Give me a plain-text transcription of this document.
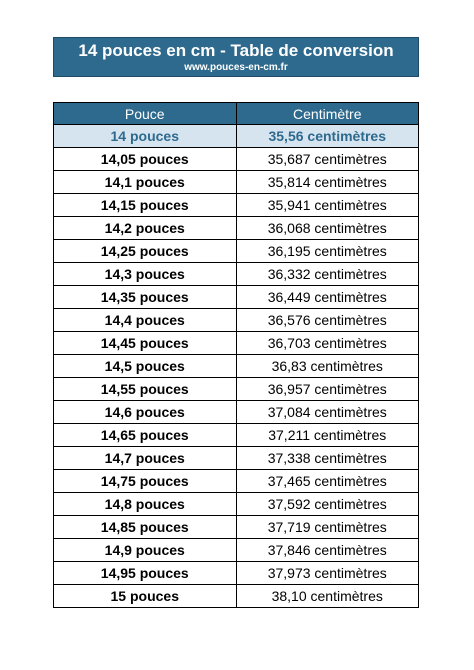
14 pouces en cm - Table de conversion
www.pouces-en-cm.fr
Pouce	Centimètre
14 pouces	35,56 centimètres
14,05 pouces	35,687 centimètres
14,1 pouces	35,814 centimètres
14,15 pouces	35,941 centimètres
14,2 pouces	36,068 centimètres
14,25 pouces	36,195 centimètres
14,3 pouces	36,332 centimètres
14,35 pouces	36,449 centimètres
14,4 pouces	36,576 centimètres
14,45 pouces	36,703 centimètres
14,5 pouces	36,83 centimètres
14,55 pouces	36,957 centimètres
14,6 pouces	37,084 centimètres
14,65 pouces	37,211 centimètres
14,7 pouces	37,338 centimètres
14,75 pouces	37,465 centimètres
14,8 pouces	37,592 centimètres
14,85 pouces	37,719 centimètres
14,9 pouces	37,846 centimètres
14,95 pouces	37,973 centimètres
15 pouces	38,10 centimètres
